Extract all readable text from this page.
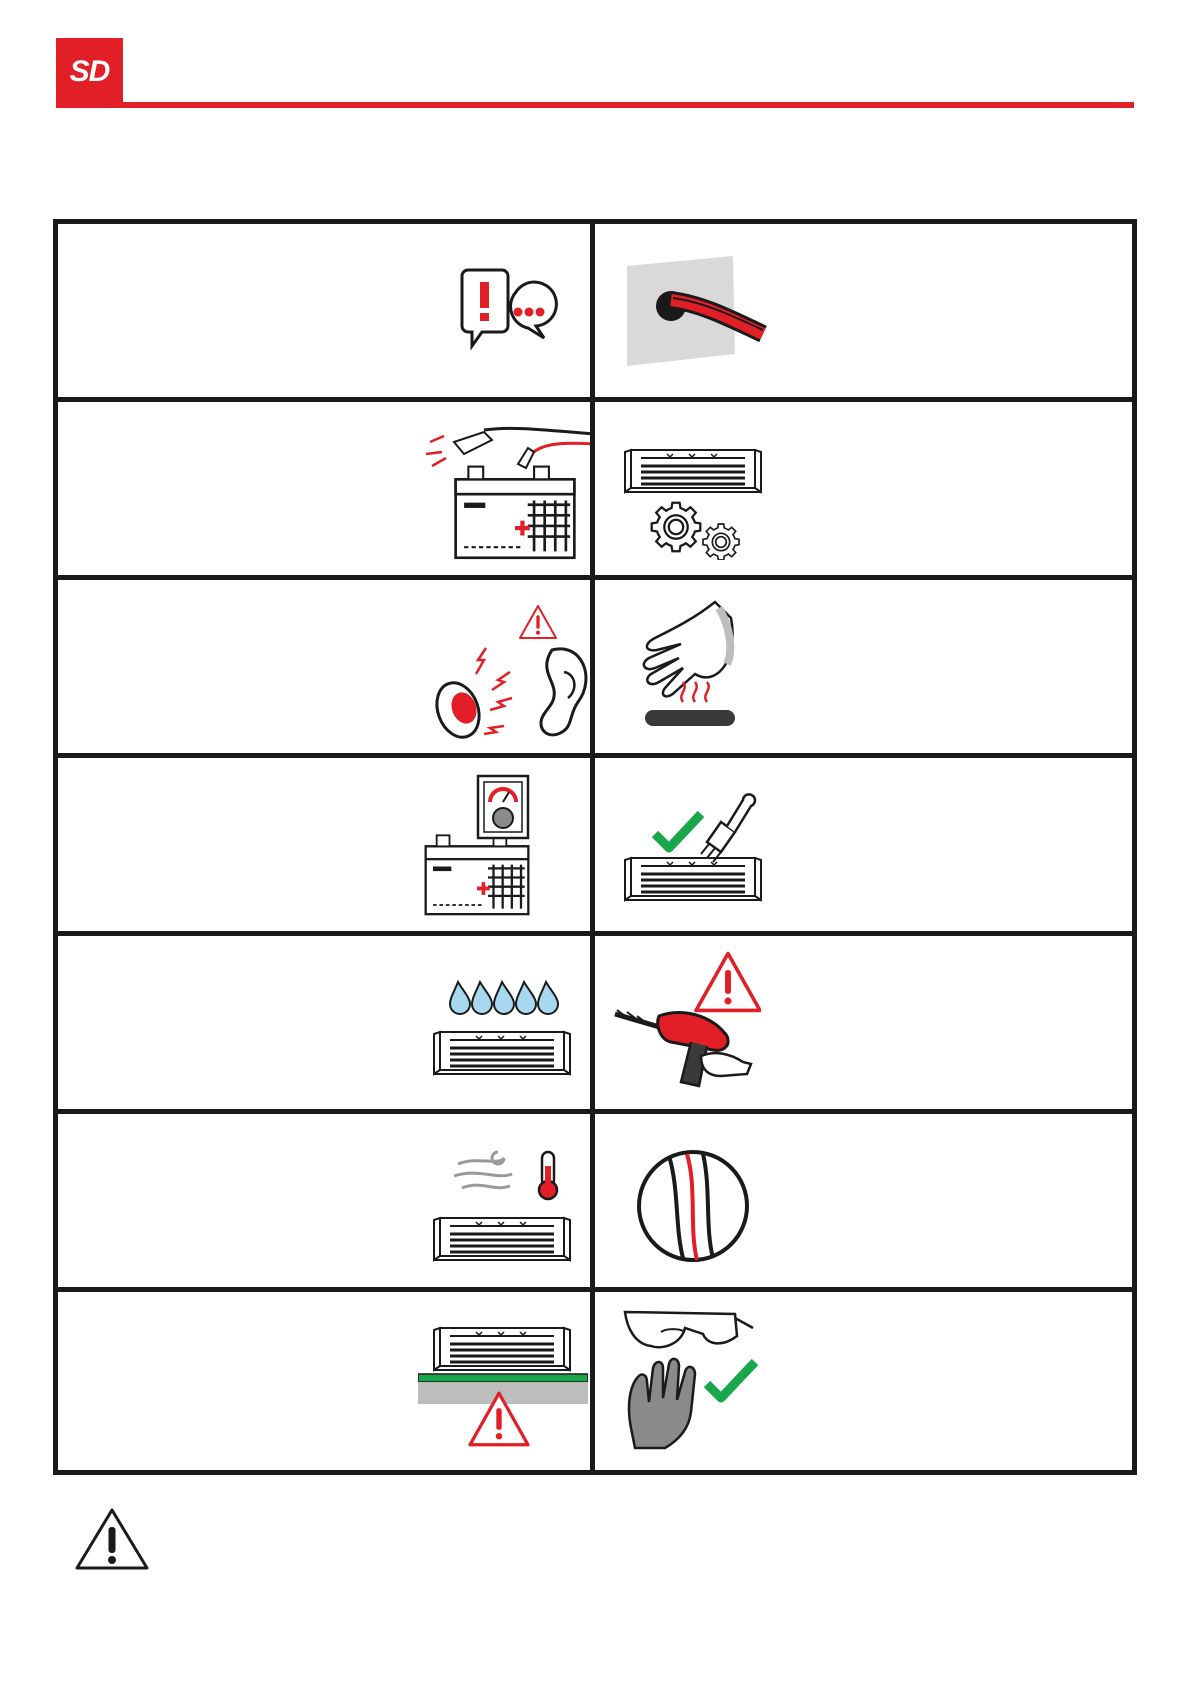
SD
